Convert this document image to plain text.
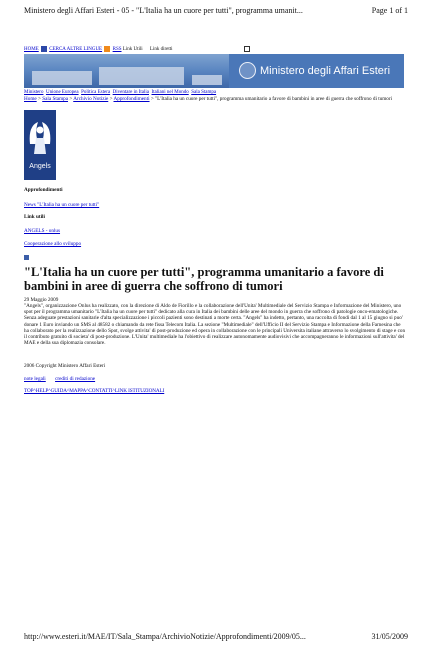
Ministero degli Affari Esteri - 05 - "L'Italia ha un cuore per tutti", programma umanit...	Page 1 of 1
HOME CERCA ALTRE LINGUE RSS Link Utili Link diretti
Ministero degli Affari Esteri
Ministero Unione Europea Politica Estera Diventare in Italia Italiani nel Mondo Sala Stampa
Home > Sala Stampa > Archivio Notizie > Approfondimenti > "L'Italia ha un cuore per tutti", programma umanitario a favore di bambini in aree di guerra che soffrono di tumori
Angels
Approfondimenti
News "L'Italia ha un cuore per tutti"
Link utili
ANGELS - onlus
Cooperazione allo sviluppo
"L'Italia ha un cuore per tutti", programma umanitario a favore di bambini in aree di guerra che soffrono di tumori
29 Maggio 2009
"Angels", organizzazione Onlus ha realizzato, con la direzione di Aldo de Fiorillo e la collaborazione dell'Unita' Multimediale del Servizio Stampa e Informazione del Ministero, uno spot per il programma umanitario "L'Italia ha un cuore per tutti" dedicato alla cura in Italia dei bambini delle aree del mondo in guerra che soffrono di patologie onco-ematologiche. Senza adeguate prestazioni sanitarie d'alta specializzazione i piccoli pazienti sono destinati a morte certa. "Angels" ha indetto, pertanto, una raccolta di fondi dal 1 al 15 giugno si puo' donare 1 Euro inviando un SMS al 48582 o chiamando da rete fissa Telecom Italia. La sezione "Multimediale" dell'Ufficio II del Servizio Stampa e Informazione della Farnesina che ha collaborato per la realizzazione dello Spot, svolge attivita' di post-produzione ed opera in collaborazione con le principali Universita italiane attraverso lo svolgimento di stage e con il contributo gratuito di societa' di post-produzione. L'Unita' multimediale ha l'obiettivo di realizzare autonomamente audiovisivi che accompagneranno le informazioni sull'attivita' del MAE e della sua diplomazia consolare.
2006 Copyright Ministero Affari Esteri
note legali crediti di redazione
TOP^HELP^GUIDA^MAPPA^CONTATTI^LINK ISTITUZIONALI
http://www.esteri.it/MAE/IT/Sala_Stampa/ArchivioNotizie/Approfondimenti/2009/05...	31/05/2009
